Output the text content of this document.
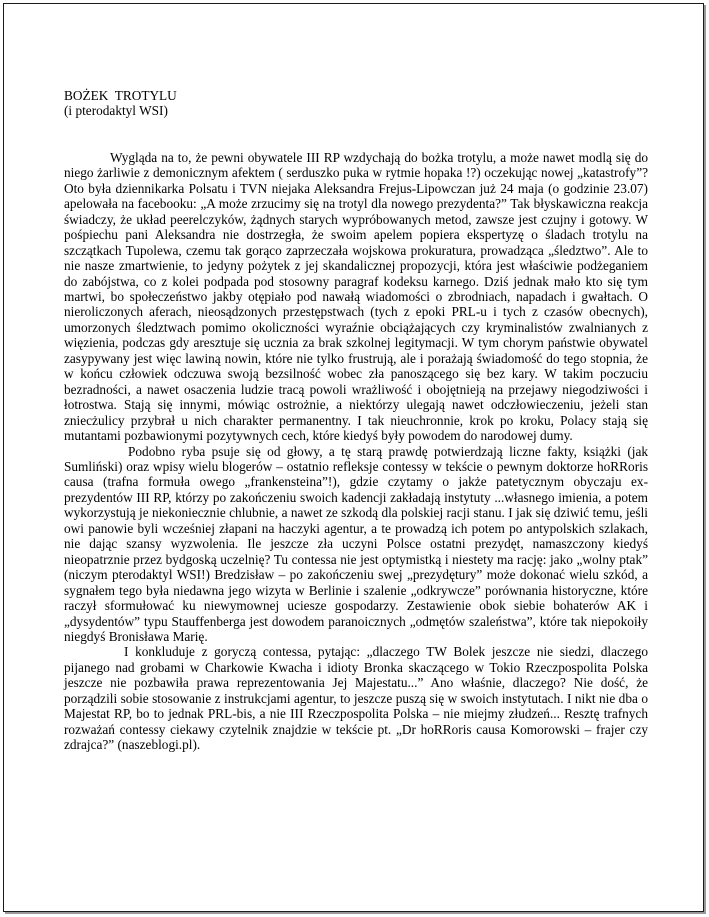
BOŻEK  TROTYLU
(i pterodaktyl WSI)

Wygląda na to, że pewni obywatele III RP wzdychają do bożka trotylu, a może nawet modlą się do niego żarliwie z demonicznym afektem ( serduszko puka w rytmie hopaka !?) oczekując nowej „katastrofy”? Oto była dziennikarka Polsatu i TVN niejaka Aleksandra Frejus-Lipowczan już 24 maja (o godzinie 23.07) apelowała na facebooku: „A może zrzucimy się na trotyl dla nowego prezydenta?” Tak błyskawiczna reakcja świadczy, że układ peerelczyków, żądnych starych wypróbowanych metod, zawsze jest czujny i gotowy. W pośpiechu pani Aleksandra nie dostrzegła, że swoim apelem popiera ekspertyzę o śladach trotylu na szczątkach Tupolewa, czemu tak gorąco zaprzeczała wojskowa prokuratura, prowadząca „śledztwo”. Ale to nie nasze zmartwienie, to jedyny pożytek z jej skandalicznej propozycji, która jest właściwie podżeganiem do zabójstwa, co z kolei podpada pod stosowny paragraf kodeksu karnego. Dziś jednak mało kto się tym martwi, bo społeczeństwo jakby otępiało pod nawałą wiadomości o zbrodniach, napadach i gwałtach. O nieroliczonych aferach, nieosądzonych przestępstwach (tych z epoki PRL-u i tych z czasów obecnych), umorzonych śledztwach pomimo okoliczności wyraźnie obciążających czy kryminalistów zwalnianych z więzienia, podczas gdy aresztuje się ucznia za brak szkolnej legitymacji. W tym chorym państwie obywatel zasypywany jest więc lawiną nowin, które nie tylko frustrują, ale i porażają świadomość do tego stopnia, że w końcu człowiek odczuwa swoją bezsilność wobec zła panoszącego się bez kary. W takim poczuciu bezradności, a nawet osaczenia ludzie tracą powoli wrażliwość i obojętnieją na przejawy niegodziwości i łotrostwa. Stają się innymi, mówiąc ostrożnie, a niektórzy ulegają nawet odczłowieczeniu, jeżeli stan zniecżulicy przybrał u nich charakter permanentny. I tak nieuchronnie, krok po kroku, Polacy stają się mutantami pozbawionymi pozytywnych cech, które kiedyś były powodem do narodowej dumy.

Podobno ryba psuje się od głowy, a tę starą prawdę potwierdzają liczne fakty, książki (jak Sumliński) oraz wpisy wielu blogerów – ostatnio refleksje contessy w tekście o pewnym doktorze hoRRoris causa (trafna formuła owego „frankensteina”!), gdzie czytamy o jakże patetycznym obyczaju ex-prezydentów III RP, którzy po zakończeniu swoich kadencji zakładają instytuty ...własnego imienia, a potem wykorzystują je niekoniecznie chlubnie, a nawet ze szkodą dla polskiej racji stanu. I jak się dziwić temu, jeśli owi panowie byli wcześniej złapani na haczyki agentur, a te prowadzą ich potem po antypolskich szlakach, nie dając szansy wyzwolenia. Ile jeszcze zła uczyni Polsce ostatni prezydęt, namaszczony kiedyś nieopatrznie przez bydgoską uczelnię? Tu contessa nie jest optymistką i niestety ma rację: jako „wolny ptak” (niczym pterodaktyl WSI!) Bredzisław – po zakończeniu swej „prezydętury” może dokonać wielu szkód, a sygnałem tego była niedawna jego wizyta w Berlinie i szalenie „odkrywcze” porównania historyczne, które raczył sformułować ku niewymownej uciesze gospodarzy. Zestawienie obok siebie bohaterów AK i „dysydentów” typu Stauffenberga jest dowodem paranoicznych „odmętów szaleństwa”, które tak niepokoiły niegdyś Bronisława Marię.

I konkluduje z goryczą contessa, pytając: „dlaczego TW Bolek jeszcze nie siedzi, dlaczego pijanego nad grobami w Charkowie Kwacha i idioty Bronka skaczącego w Tokio Rzeczpospolita Polska jeszcze nie pozbawiła prawa reprezentowania Jej Majestatu...” Ano właśnie, dlaczego? Nie dość, że porządzili sobie stosowanie z instrukcjami agentur, to jeszcze puszą się w swoich instytutach. I nikt nie dba o Majestat RP, bo to jednak PRL-bis, a nie III Rzeczpospolita Polska – nie miejmy złudzeń... Resztę trafnych rozważań contessy ciekawy czytelnik znajdzie w tekście pt. „Dr hoRRoris causa Komorowski – frajer czy zdrajca?” (naszeblogi.pl).
